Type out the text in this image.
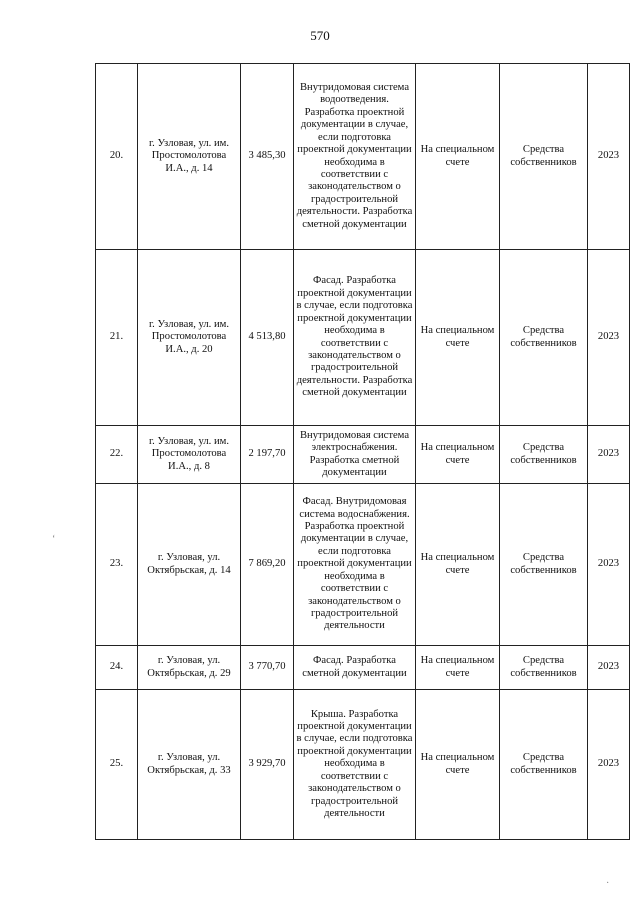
570
20.	г. Узловая, ул. им. Простомолотова И.А., д. 14	3 485,30	Внутридомовая система водоотведения. Разработка проектной документации в случае, если подготовка проектной документации необходима в соответствии с законодательством о градостроительной деятельности. Разработка сметной документации	На специальном счете	Средства собственников	2023
21.	г. Узловая, ул. им. Простомолотова И.А., д. 20	4 513,80	Фасад. Разработка проектной документации в случае, если подготовка проектной документации необходима в соответствии с законодательством о градостроительной деятельности. Разработка сметной документации	На специальном счете	Средства собственников	2023
22.	г. Узловая, ул. им. Простомолотова И.А., д. 8	2 197,70	Внутридомовая система электроснабжения. Разработка сметной документации	На специальном счете	Средства собственников	2023
23.	г. Узловая, ул. Октябрьская, д. 14	7 869,20	Фасад. Внутридомовая система водоснабжения. Разработка проектной документации в случае, если подготовка проектной документации необходима в соответствии с законодательством о градостроительной деятельности	На специальном счете	Средства собственников	2023
24.	г. Узловая, ул. Октябрьская, д. 29	3 770,70	Фасад. Разработка сметной документации	На специальном счете	Средства собственников	2023
25.	г. Узловая, ул. Октябрьская, д. 33	3 929,70	Крыша. Разработка проектной документации в случае, если подготовка проектной документации необходима в соответствии с законодательством о градостроительной деятельности	На специальном счете	Средства собственников	2023
ʻ
·
